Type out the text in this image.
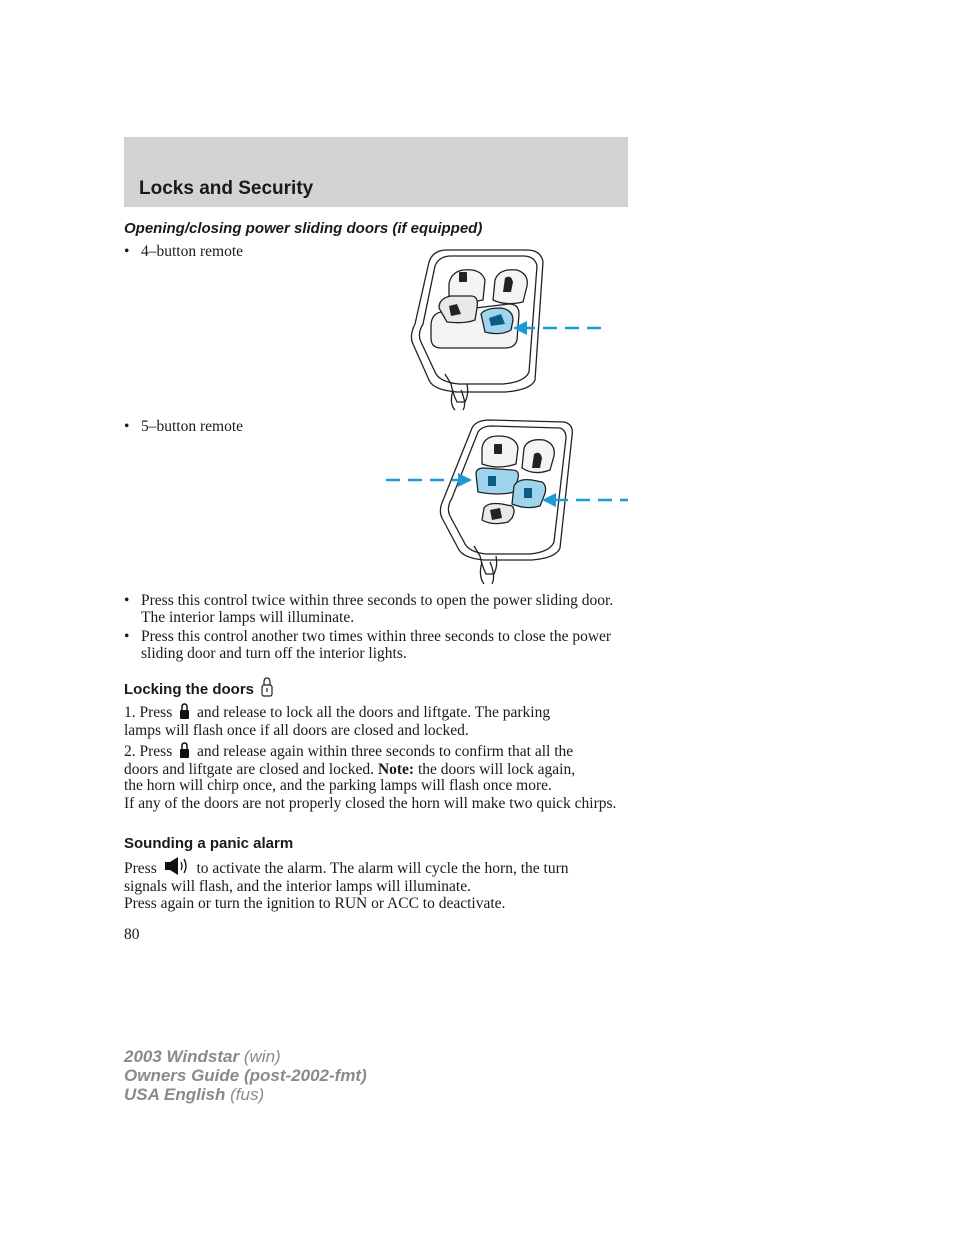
Locks and Security
Opening/closing power sliding doors (if equipped)
• 4–button remote
• 5–button remote
• Press this control twice within three seconds to open the power sliding door. The interior lamps will illuminate.
• Press this control another two times within three seconds to close the power sliding door and turn off the interior lights.
Locking the doors
1. Press and release to lock all the doors and liftgate. The parking
lamps will flash once if all doors are closed and locked.
2. Press and release again within three seconds to confirm that all the
doors and liftgate are closed and locked. Note: the doors will lock again,
the horn will chirp once, and the parking lamps will flash once more.
If any of the doors are not properly closed the horn will make two quick chirps.
Sounding a panic alarm
Press	to activate the alarm. The alarm will cycle the horn, the turn
signals will flash, and the interior lamps will illuminate.
Press again or turn the ignition to RUN or ACC to deactivate.
80
2003 Windstar (win)
Owners Guide (post-2002-fmt)
USA English (fus)
